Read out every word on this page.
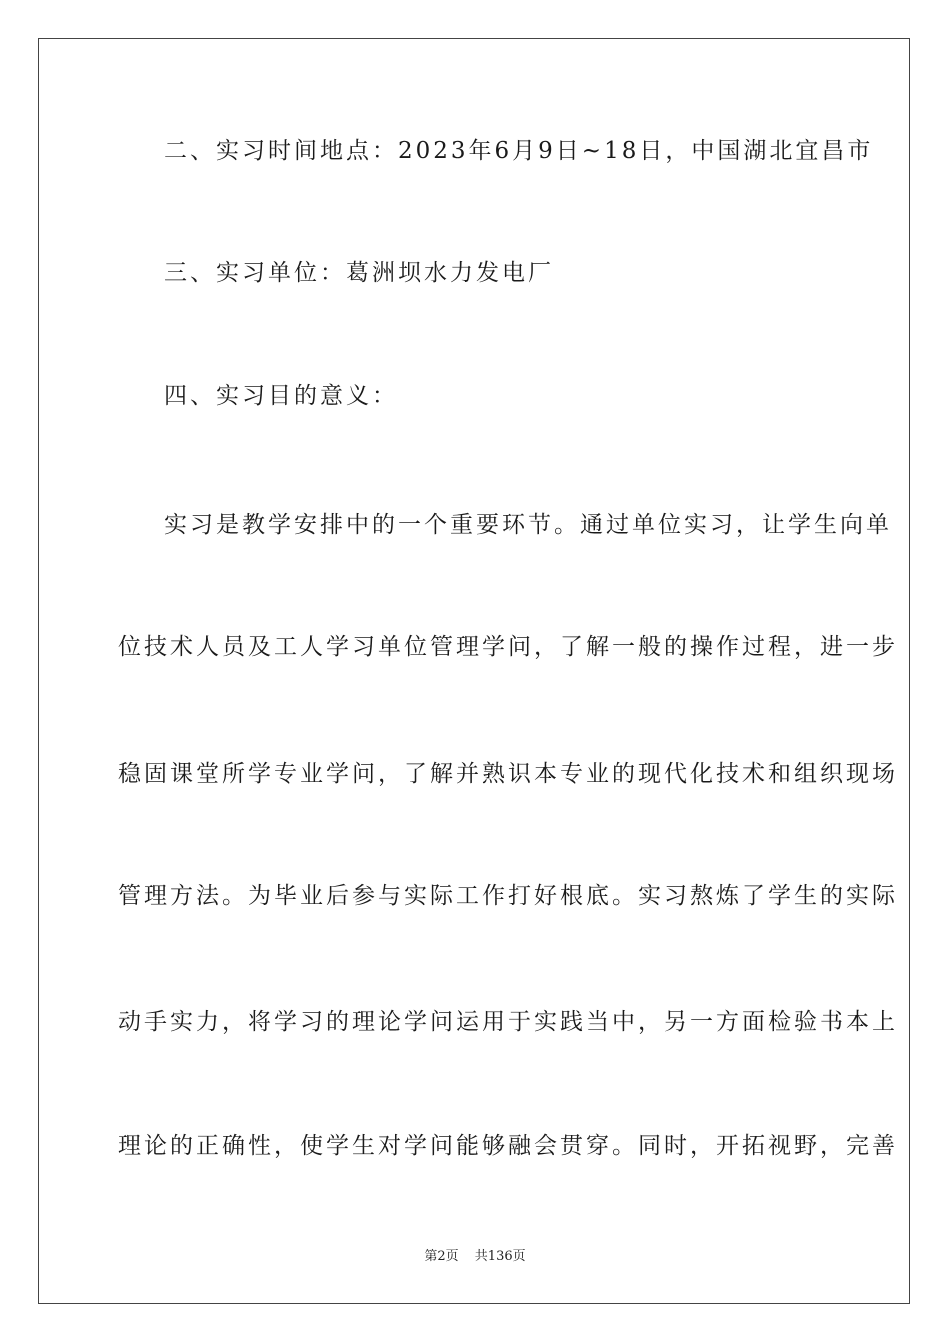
二、实习时间地点：2023年6月9日~18日，中国湖北宜昌市
三、实习单位：葛洲坝水力发电厂
四、实习目的意义：
实习是教学安排中的一个重要环节。通过单位实习，让学生向单
位技术人员及工人学习单位管理学问，了解一般的操作过程，进一步
稳固课堂所学专业学问，了解并熟识本专业的现代化技术和组织现场
管理方法。为毕业后参与实际工作打好根底。实习熬炼了学生的实际
动手实力，将学习的理论学问运用于实践当中，另一方面检验书本上
理论的正确性，使学生对学问能够融会贯穿。同时，开拓视野，完善
第2页 共136页
